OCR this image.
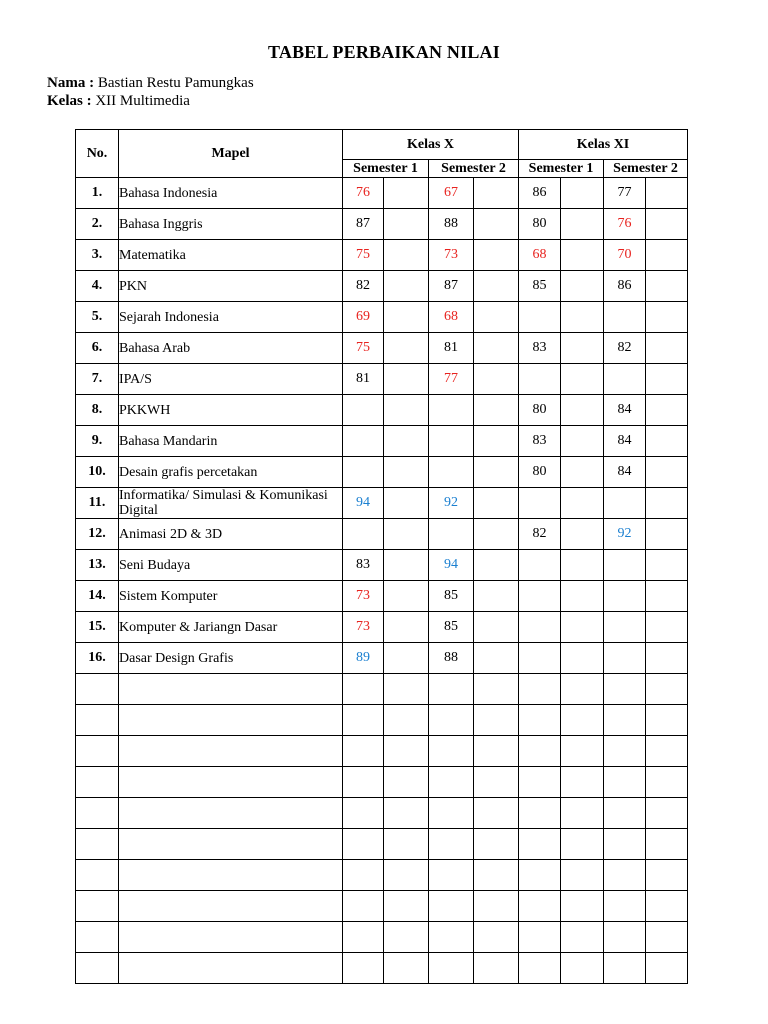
TABEL PERBAIKAN NILAI
Nama : Bastian Restu Pamungkas
Kelas : XII Multimedia
No.	Mapel	Kelas X				Kelas XI			
		Semester 1		Semester 2		Semester 1		Semester 2	
1.	Bahasa Indonesia	76		67		86		77	
2.	Bahasa Inggris	87		88		80		76	
3.	Matematika	75		73		68		70	
4.	PKN	82		87		85		86	
5.	Sejarah Indonesia	69		68					
6.	Bahasa Arab	75		81		83		82	
7.	IPA/S	81		77					
8.	PKKWH					80		84	
9.	Bahasa Mandarin					83		84	
10.	Desain grafis percetakan					80		84	
11.	Informatika/ Simulasi & Komunikasi Digital	94		92					
12.	Animasi 2D & 3D					82		92	
13.	Seni Budaya	83		94					
14.	Sistem Komputer	73		85					
15.	Komputer & Jariangn Dasar	73		85					
16.	Dasar Design Grafis	89		88					
